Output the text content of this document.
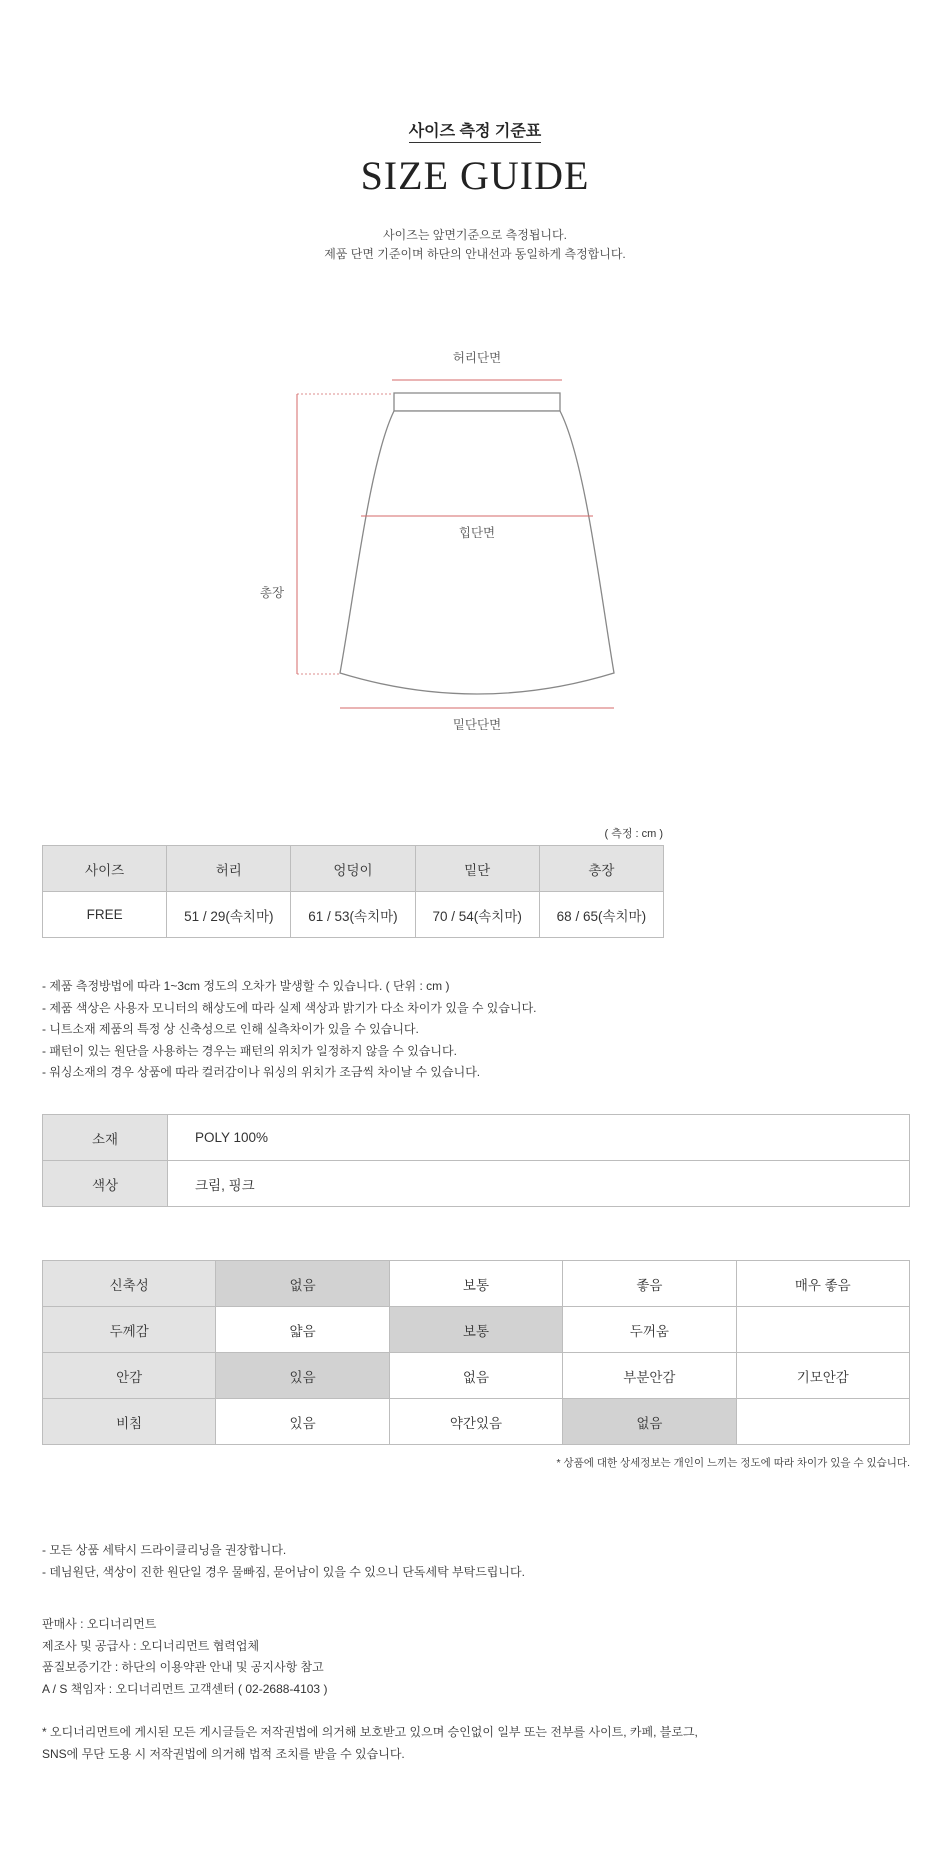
사이즈 측정 기준표
SIZE GUIDE
사이즈는 앞면기준으로 측정됩니다.
제품 단면 기준이며 하단의 안내선과 동일하게 측정합니다.
허리단면
힙단면
총장
밑단단면
( 측정 : cm )
사이즈	허리	엉덩이	밑단	총장
FREE	51 / 29(속치마)	61 / 53(속치마)	70 / 54(속치마)	68 / 65(속치마)
- 제품 측정방법에 따라 1~3cm 정도의 오차가 발생할 수 있습니다. ( 단위 : cm )
- 제품 색상은 사용자 모니터의 해상도에 따라 실제 색상과 밝기가 다소 차이가 있을 수 있습니다.
- 니트소재 제품의 특정 상 신축성으로 인해 실측차이가 있을 수 있습니다.
- 패턴이 있는 원단을 사용하는 경우는 패턴의 위치가 일정하지 않을 수 있습니다.
- 워싱소재의 경우 상품에 따라 컬러감이나 워싱의 위치가 조금씩 차이날 수 있습니다.
소재	POLY 100%
색상	크림, 핑크
신축성	없음	보통	좋음	매우 좋음
두께감	얇음	보통	두꺼움	
안감	있음	없음	부분안감	기모안감
비침	있음	약간있음	없음	
* 상품에 대한 상세정보는 개인이 느끼는 정도에 따라 차이가 있을 수 있습니다.
- 모든 상품 세탁시 드라이클리닝을 권장합니다.
- 데님원단, 색상이 진한 원단일 경우 물빠짐, 묻어남이 있을 수 있으니 단독세탁 부탁드립니다.
판매사 : 오디너리먼트
제조사 및 공급사 : 오디너리먼트 협력업체
품질보증기간 : 하단의 이용약관 안내 및 공지사항 참고
A / S 책임자 : 오디너리먼트 고객센터 ( 02-2688-4103 )
* 오디너리먼트에 게시된 모든 게시글들은 저작권법에 의거해 보호받고 있으며 승인없이 일부 또는 전부를 사이트, 카페, 블로그,
SNS에 무단 도용 시 저작권법에 의거해 법적 조치를 받을 수 있습니다.
